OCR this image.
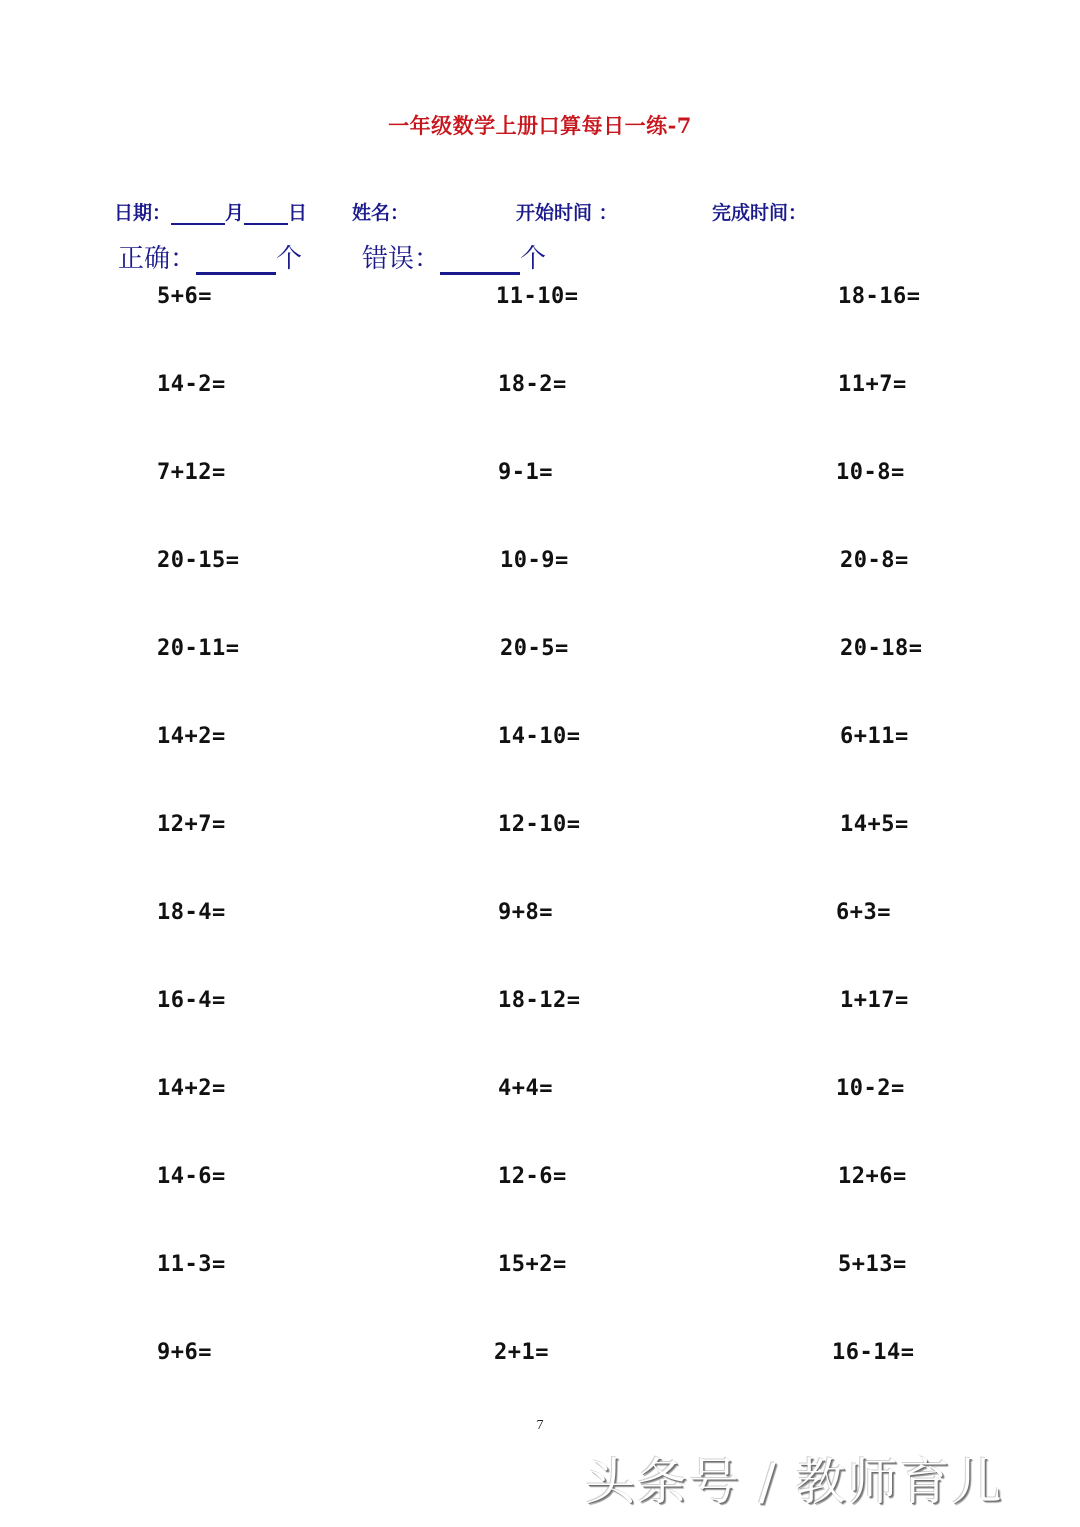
一年级数学上册口算每日一练-7
日期：	月 日 姓名：	开始时间 ：	完成时间：
正确：	个 错误：	个
5+6=	11-10=	18-16=
14-2=	18-2=	11+7=
7+12=	9-1=	10-8=
20-15=	10-9=	20-8=
20-11=	20-5=	20-18=
14+2=	14-10=	6+11=
12+7=	12-10=	14+5=
18-4=	9+8=	6+3=
16-4=	18-12=	1+17=
14+2=	4+4=	10-2=
14-6=	12-6=	12+6=
11-3=	15+2=	5+13=
9+6=	2+1=	16-14=
7
头条号 / 教师育儿
